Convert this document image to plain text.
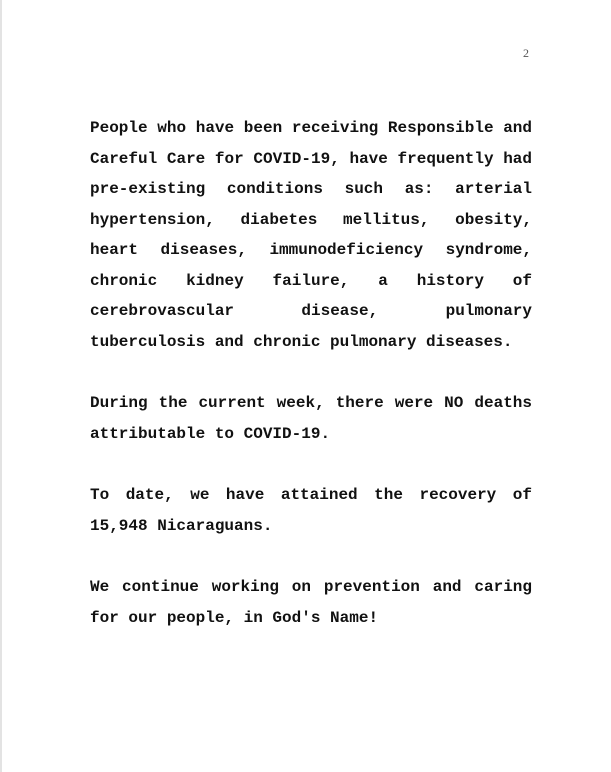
2

People who have been receiving Responsible and Careful Care for COVID-19, have frequently had pre-existing conditions such as: arterial hypertension, diabetes mellitus, obesity, heart diseases, immunodeficiency syndrome, chronic kidney failure, a history of cerebrovascular disease, pulmonary tuberculosis and chronic pulmonary diseases.

During the current week, there were NO deaths attributable to COVID-19.

To date, we have attained the recovery of 15,948 Nicaraguans.

We continue working on prevention and caring for our people, in God's Name!
